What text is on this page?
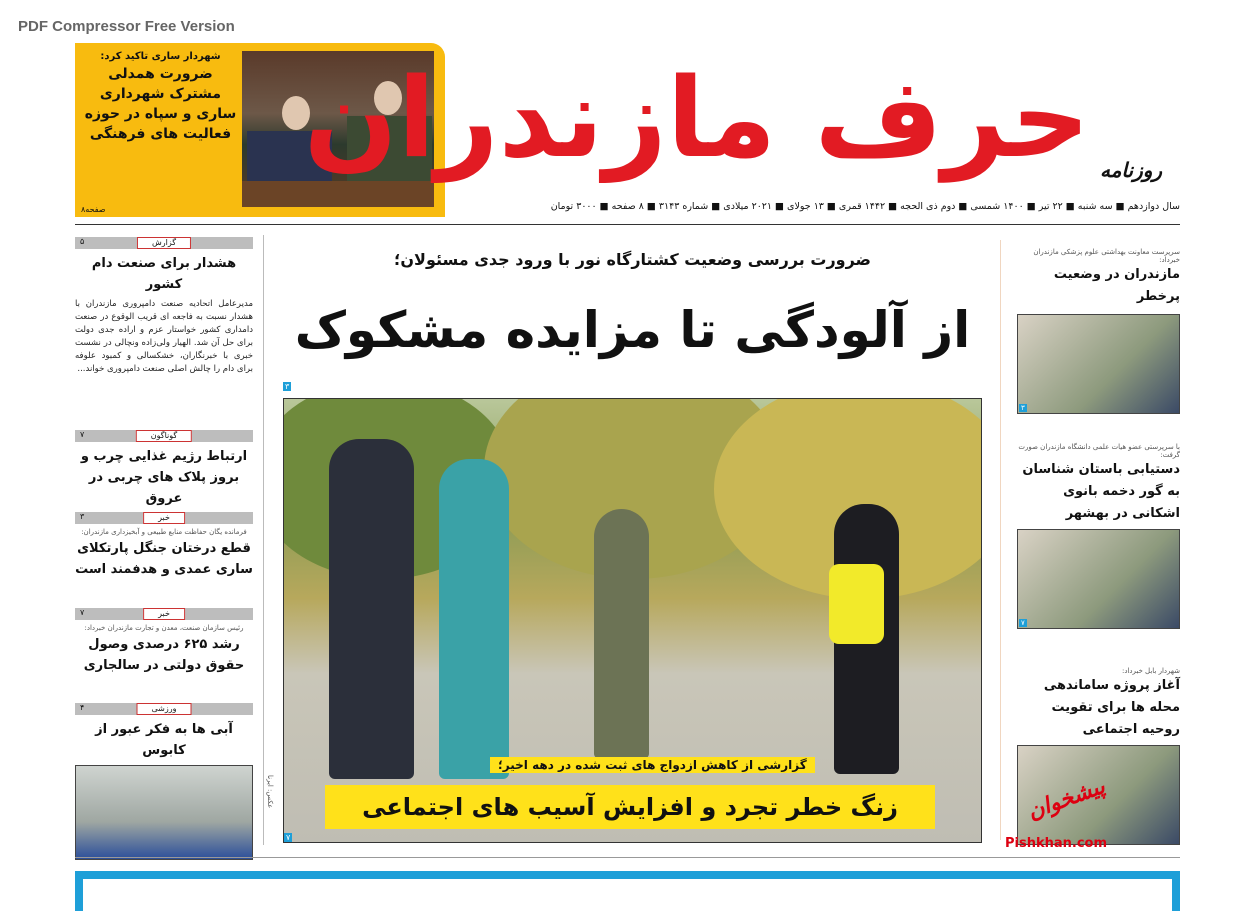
PDF Compressor Free Version
شهردار ساری تاکید کرد:
ضرورت همدلی مشترک شهرداری ساری و سپاه در حوزه فعالیت های فرهنگی
صفحه۸
حرف مازندران روزنامه
سال دوازدهم ■ سه شنبه ■ ۲۲ تیر ■ ۱۴۰۰ شمسی ■ دوم ذی الحجه ■ ۱۴۴۲ قمری ■ ۱۳ جولای ■ ۲۰۲۱ میلادی ■ شماره ۳۱۴۳ ■ ۸ صفحه ■ ۳۰۰۰ تومان
گزارش
۵
هشدار برای صنعت دام کشور
مدیرعامل اتحادیه صنعت دامپروری مازندران با هشدار نسبت به فاجعه ای قریب الوقوع در صنعت دامداری کشور خواستار عزم و اراده جدی دولت برای حل آن شد. الهیار ولی‌زاده ونچالی در نشست خبری با خبرنگاران، خشکسالی و کمبود علوفه برای دام را چالش اصلی صنعت دامپروری خواند...
گوناگون
۷
ارتباط رژیم غذایی چرب و بروز پلاک های چربی در عروق
خبر
۳
فرمانده یگان حفاظت منابع طبیعی و آبخیزداری مازندران:
قطع درختان جنگل پارتکلای ساری عمدی و هدفمند است
خبر
۷
رئیس سازمان صنعت، معدن و تجارت مازندران خبرداد:
رشد ۶۲۵ درصدی وصول حقوق دولتی در سالجاری
ورزشی
۴
آبی ها به فکر عبور از کابوس
ضرورت بررسی وضعیت کشتارگاه نور با ورود جدی مسئولان؛
از آلودگی تا مزایده مشکوک
۳
عکس: ایرنا
گزارشی از کاهش ازدواج های ثبت شده در دهه اخیر؛
زنگ خطر تجرد و افزایش آسیب های اجتماعی
۷
سرپرست معاونت بهداشتی علوم پزشکی مازندران خبرداد:
مازندران در وضعیت پرخطر
۳
با سرپرستی عضو هیات علمی دانشگاه مازندران صورت گرفت:
دستیابی باستان شناسان به گور دخمه بانوی اشکانی در بهشهر
۷
شهردار بابل خبرداد:
آغاز پروژه ساماندهی محله ها برای تقویت روحیه اجتماعی
پیشخوان
Pishkhan.com
